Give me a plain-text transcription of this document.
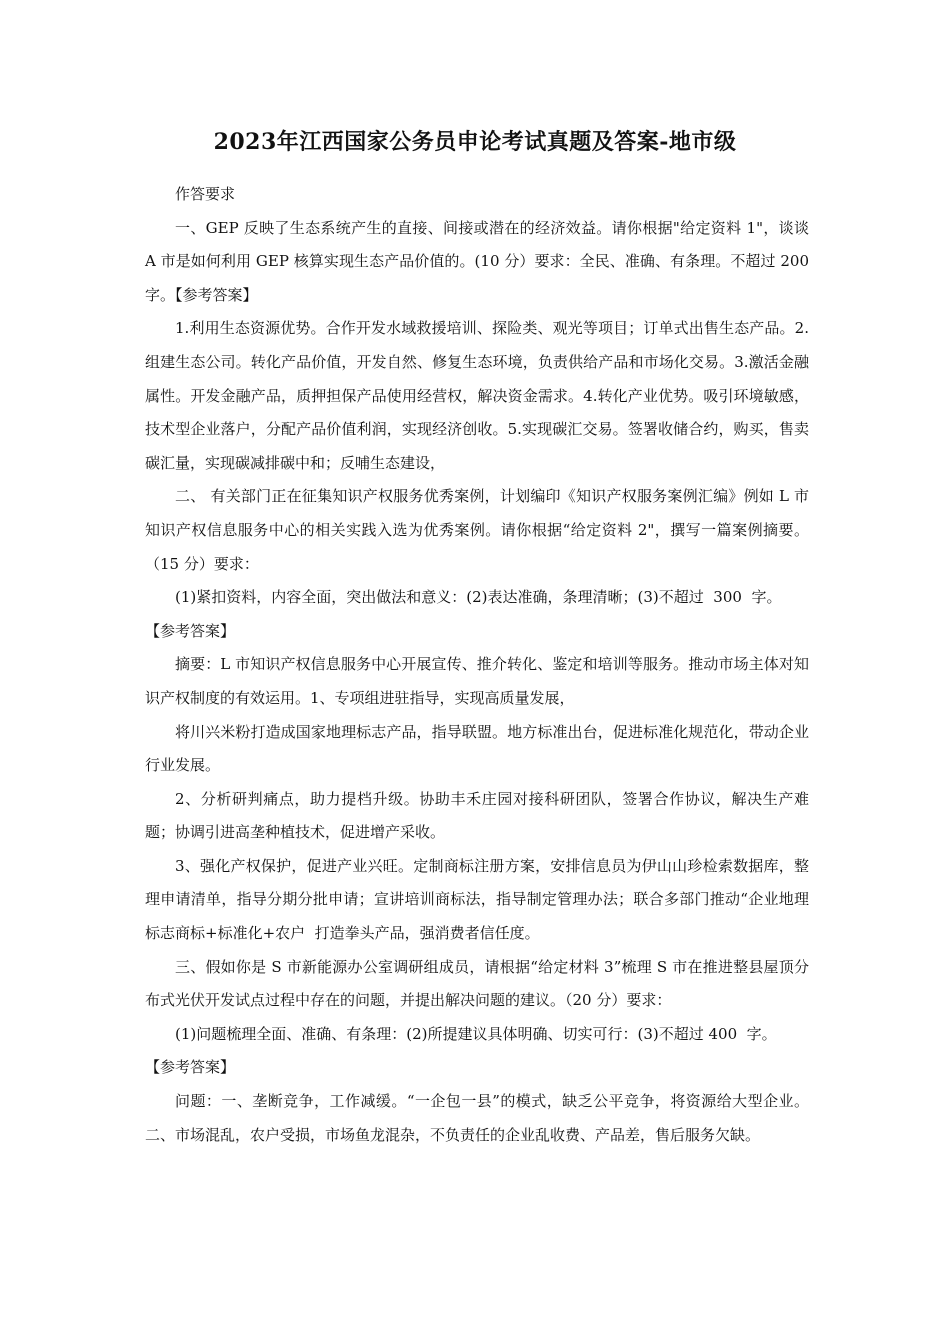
2023年江西国家公务员申论考试真题及答案-地市级

作答要求

一、GEP 反映了生态系统产生的直接、间接或潜在的经济效益。请你根据"给定资料 1"，谈谈 A 市是如何利用 GEP 核算实现生态产品价值的。(10 分）要求：全民、准确、有条理。不超过 200 字。【参考答案】

1.利用生态资源优势。合作开发水域救援培训、探险类、观光等项目；订单式出售生态产品。2.组建生态公司。转化产品价值，开发自然、修复生态环境，负责供给产品和市场化交易。3.激活金融属性。开发金融产品，质押担保产品使用经营权，解决资金需求。4.转化产业优势。吸引环境敏感，技术型企业落户，分配产品价值利润，实现经济创收。5.实现碳汇交易。签署收储合约，购买，售卖碳汇量，实现碳减排碳中和；反哺生态建设，

二、 有关部门正在征集知识产权服务优秀案例，计划编印《知识产权服务案例汇编》例如 L 市知识产权信息服务中心的相关实践入选为优秀案例。请你根据“给定资料 2"，撰写一篇案例摘要。（15 分）要求：

(1)紧扣资料，内容全面，突出做法和意义：(2)表达准确，条理清晰；(3)不超过  300  字。

【参考答案】

摘要：L 市知识产权信息服务中心开展宣传、推介转化、鉴定和培训等服务。推动市场主体对知识产权制度的有效运用。1、专项组进驻指导，实现高质量发展，

将川兴米粉打造成国家地理标志产品，指导联盟。地方标准出台，促进标准化规范化，带动企业行业发展。

2、分析研判痛点，助力提档升级。协助丰禾庄园对接科研团队，签署合作协议，解决生产难题；协调引进高垄种植技术，促进增产采收。

3、强化产权保护，促进产业兴旺。定制商标注册方案，安排信息员为伊山山珍检索数据库，整理申请清单，指导分期分批申请；宣讲培训商标法，指导制定管理办法；联合多部门推动“企业地理标志商标+标准化+农户  打造拳头产品，强消费者信任度。

三、假如你是 S 市新能源办公室调研组成员，请根据“给定材料 3”梳理 S 市在推进整县屋顶分布式光伏开发试点过程中存在的问题，并提出解决问题的建议。（20 分）要求：

(1)问题梳理全面、准确、有条理：(2)所提建议具体明确、切实可行：(3)不超过 400  字。

【参考答案】

问题：一、垄断竞争，工作减缓。“一企包一县”的模式，缺乏公平竞争，将资源给大型企业。二、市场混乱，农户受损，市场鱼龙混杂，不负责任的企业乱收费、产品差，售后服务欠缺。
